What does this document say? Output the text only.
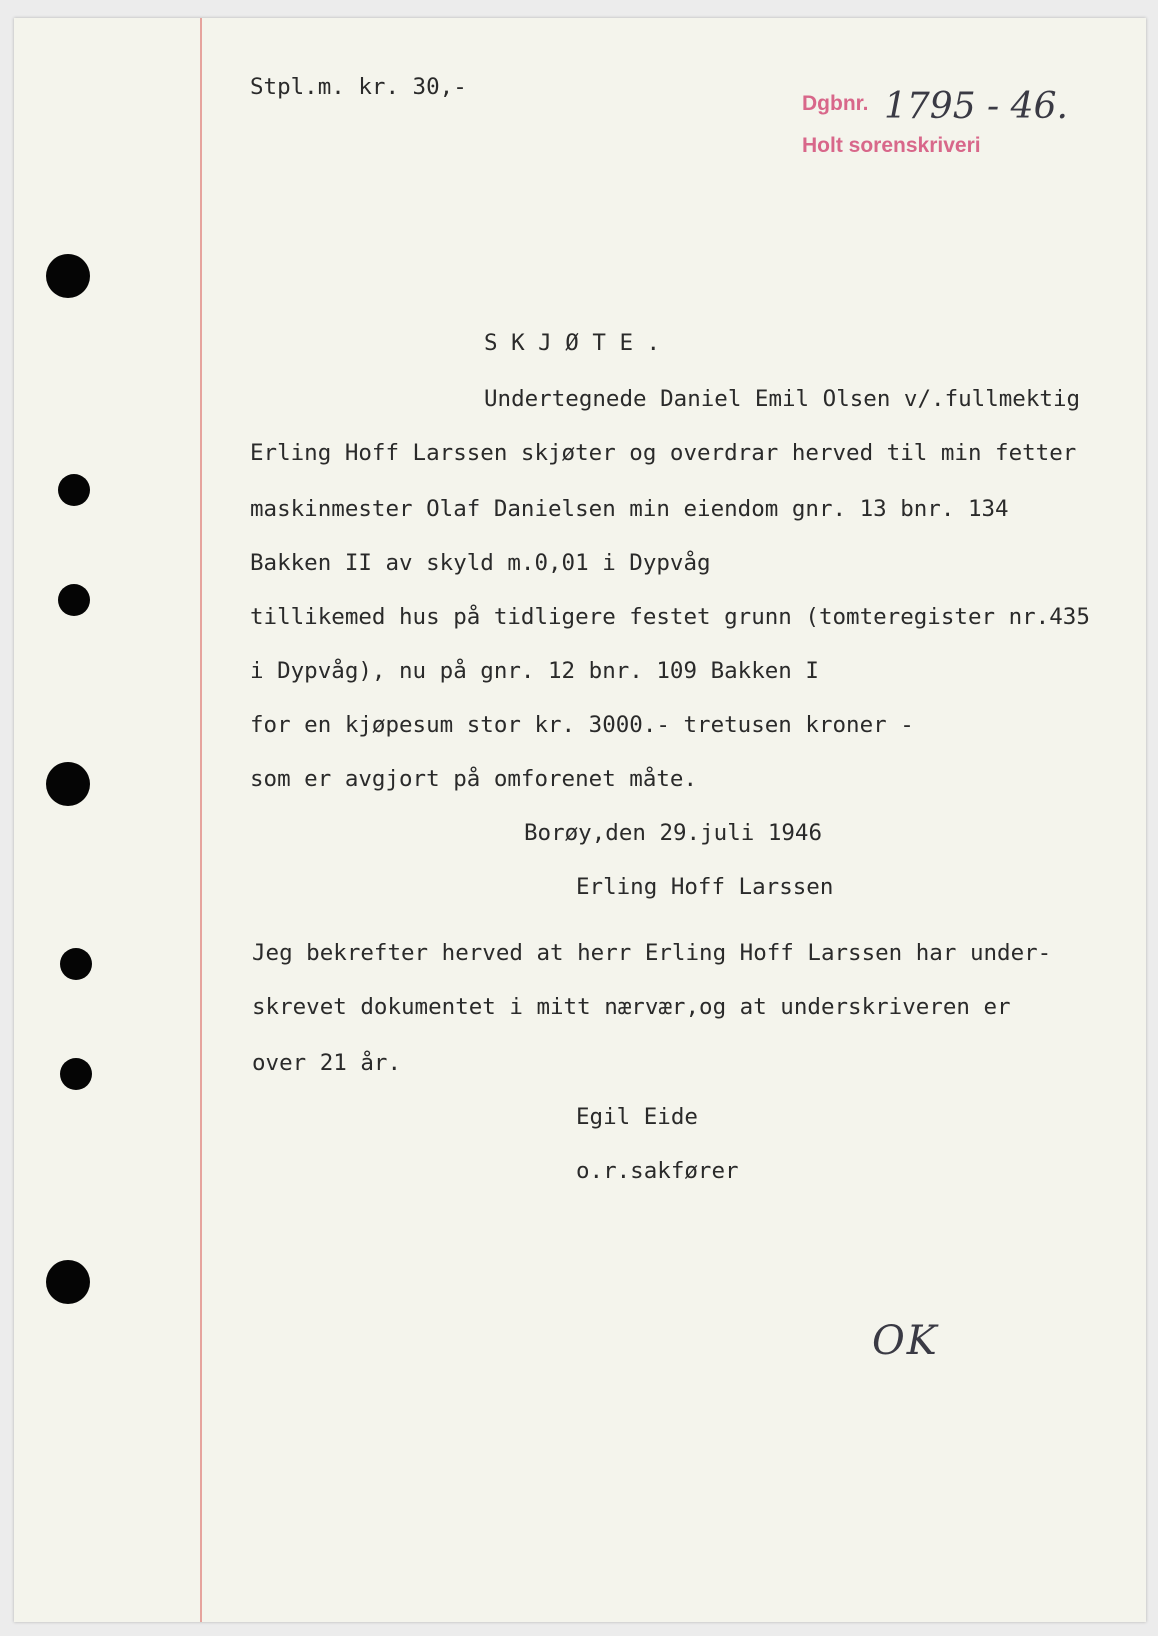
Stpl.m. kr. 30,-
Dgbnr.
Holt sorenskriveri
1795 - 46.
S K J Ø T E .
Undertegnede Daniel Emil Olsen v/.fullmektig
Erling Hoff Larssen skjøter og overdrar herved til min fetter
maskinmester Olaf Danielsen min eiendom gnr. 13 bnr. 134
Bakken II av skyld m.0,01 i Dypvåg
tillikemed hus på tidligere festet grunn (tomteregister nr.435
i Dypvåg), nu på gnr. 12 bnr. 109 Bakken I
for en kjøpesum stor kr. 3000.- tretusen kroner -
som er avgjort på omforenet måte.
Borøy,den 29.juli 1946
Erling Hoff Larssen
Jeg bekrefter herved at herr Erling Hoff Larssen har under-
skrevet dokumentet i mitt nærvær,og at underskriveren er
over 21 år.
Egil Eide
o.r.sakfører
OK
